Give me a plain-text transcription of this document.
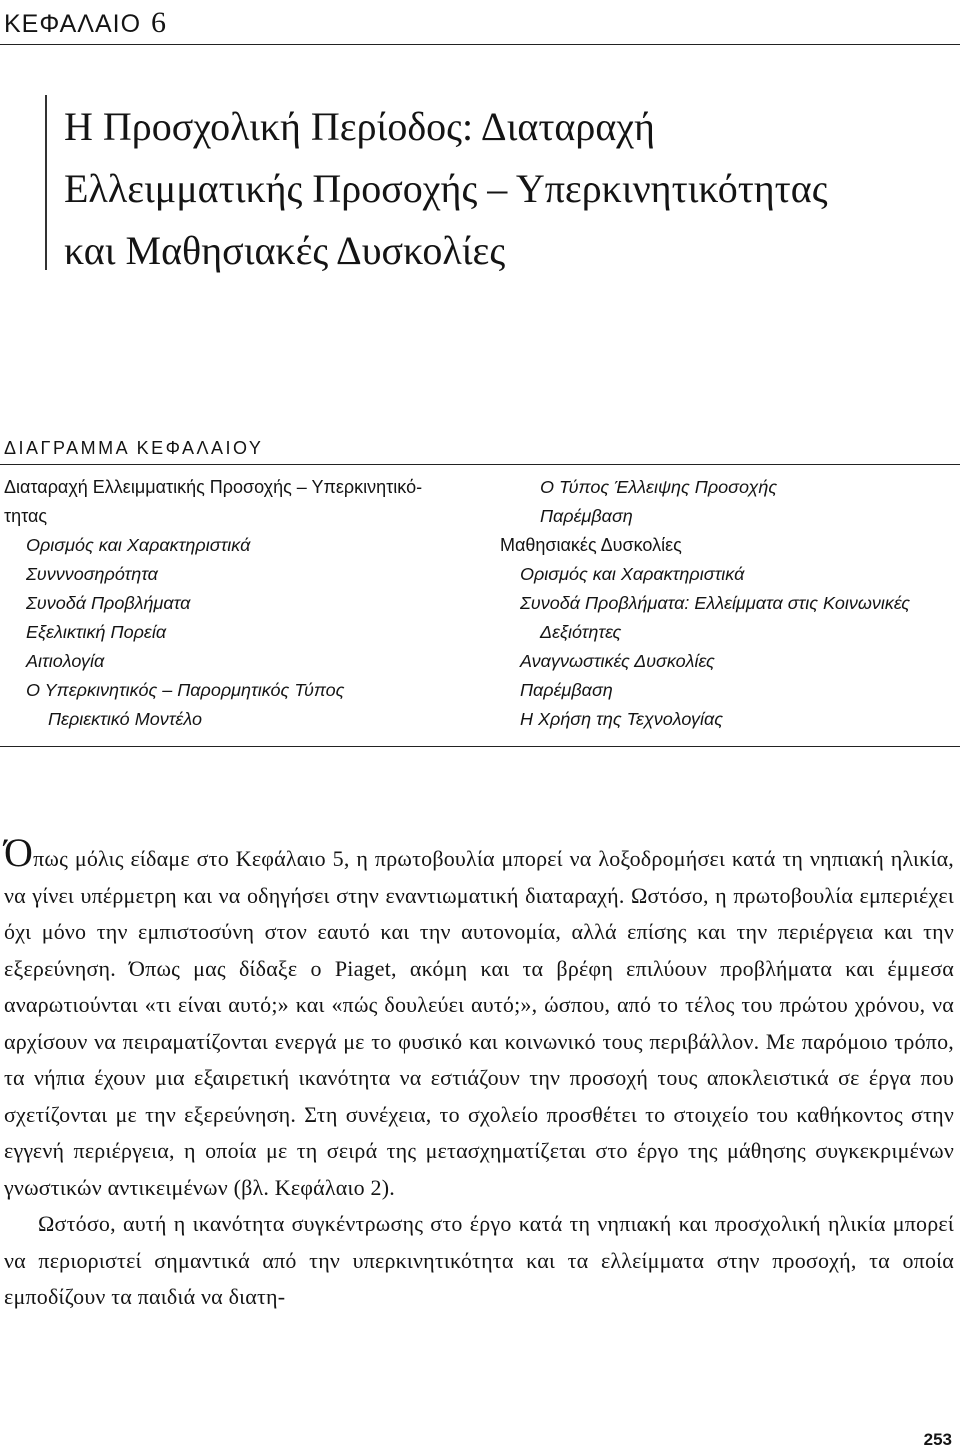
ΚΕΦΑΛΑΙΟ 6
Η Προσχολική Περίοδος: Διαταραχή
Ελλειμματικής Προσοχής – Υπερκινητικότητας
και Μαθησιακές Δυσκολίες
ΔΙΑΓΡΑΜΜΑ ΚΕΦΑΛΑΙΟΥ
Διαταραχή Ελλειμματικής Προσοχής – Υπερκινητικό-
τητας
Ορισμός και Χαρακτηριστικά
Συνννοσηρότητα
Συνοδά Προβλήματα
Εξελικτική Πορεία
Αιτιολογία
Ο Υπερκινητικός – Παρορμητικός Τύπος
Περιεκτικό Μοντέλο
Ο Τύπος Έλλειψης Προσοχής
Παρέμβαση
Μαθησιακές Δυσκολίες
Ορισμός και Χαρακτηριστικά
Συνοδά Προβλήματα: Ελλείμματα στις Κοινωνικές
Δεξιότητες
Αναγνωστικές Δυσκολίες
Παρέμβαση
Η Χρήση της Τεχνολογίας

Όπως μόλις είδαμε στο Κεφάλαιο 5, η πρωτοβουλία μπορεί να λοξοδρομήσει κατά τη νηπιακή ηλικία, να γίνει υπέρμετρη και να οδηγήσει στην εναντιωματική διαταραχή. Ωστόσο, η πρωτοβουλία εμπεριέχει όχι μόνο την εμπιστοσύνη στον εαυτό και την αυτονομία, αλλά επίσης και την περιέργεια και την εξερεύνηση. Όπως μας δίδαξε ο Piaget, ακόμη και τα βρέφη επιλύουν προβλήματα και έμμεσα αναρωτιούνται «τι είναι αυτό;» και «πώς δουλεύει αυτό;», ώσπου, από το τέλος του πρώτου χρόνου, να αρχίσουν να πειραματίζονται ενεργά με το φυσικό και κοινωνικό τους περιβάλλον. Με παρόμοιο τρόπο, τα νήπια έχουν μια εξαιρετική ικανότητα να εστιάζουν την προσοχή τους αποκλειστικά σε έργα που σχετίζονται με την εξερεύνηση. Στη συνέχεια, το σχολείο προσθέτει το στοιχείο του καθήκοντος στην εγγενή περιέργεια, η οποία με τη σειρά της μετασχηματίζεται στο έργο της μάθησης συγκεκριμένων γνωστικών αντικειμένων (βλ. Κεφάλαιο 2).

Ωστόσο, αυτή η ικανότητα συγκέντρωσης στο έργο κατά τη νηπιακή και προσχολική ηλικία μπορεί να περιοριστεί σημαντικά από την υπερκινητικότητα και τα ελλείμματα στην προσοχή, τα οποία εμποδίζουν τα παιδιά να διατη-

253
